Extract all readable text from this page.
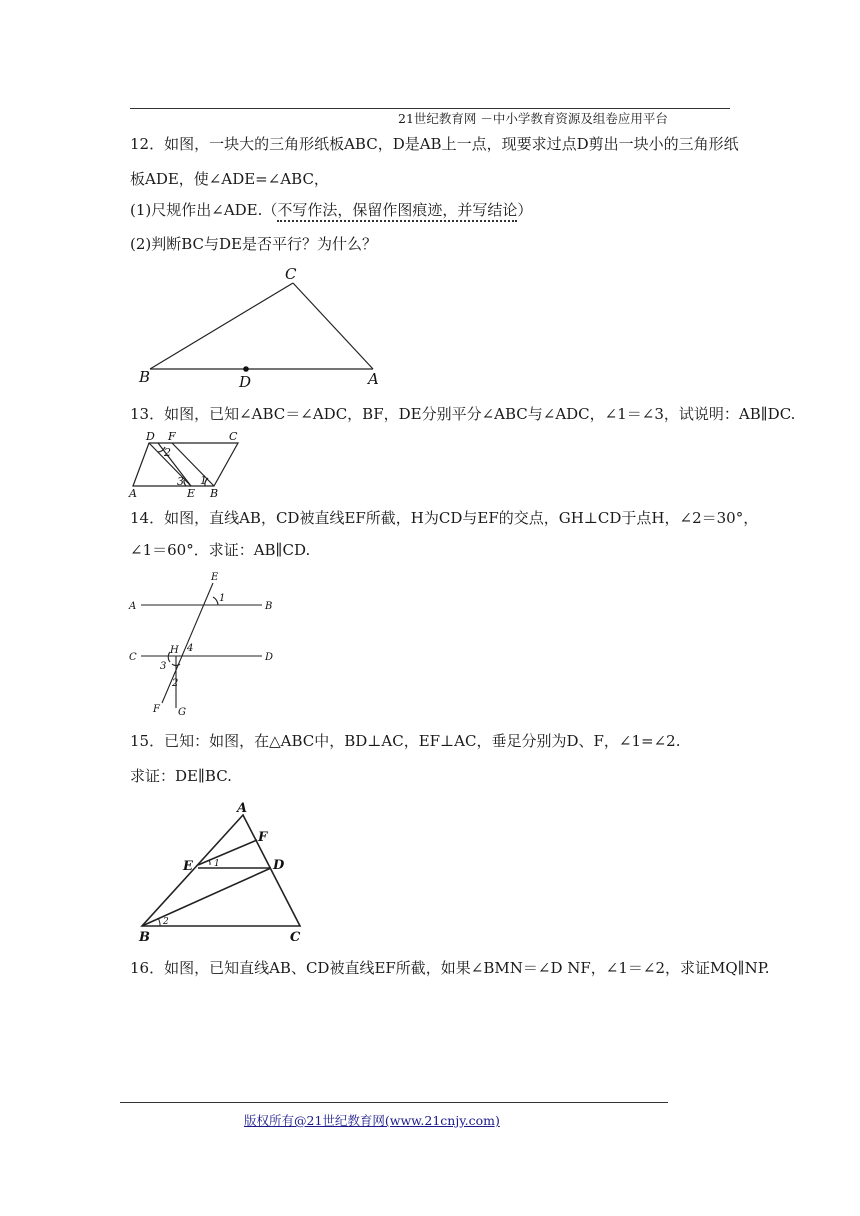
21世纪教育网 －中小学教育资源及组卷应用平台
12．如图，一块大的三角形纸板ABC，D是AB上一点，现要求过点D剪出一块小的三角形纸
板ADE，使∠ADE=∠ABC，
(1)尺规作出∠ADE.（不写作法，保留作图痕迹，并写结论）
(2)判断BC与DE是否平行？为什么？
B	D	A
C
D F	C
A	E B
2
3 1
A	B
C	D
E
F G
H
1
3
2
4
A
F
E	D
B	C
1
2
13．如图，已知∠ABC＝∠ADC，BF，DE分别平分∠ABC与∠ADC，∠1＝∠3，试说明：AB∥DC.
14．如图，直线AB，CD被直线EF所截，H为CD与EF的交点，GH⊥CD于点H，∠2＝30°，
∠1＝60°．求证：AB∥CD.
15．已知：如图，在△ABC中，BD⊥AC，EF⊥AC，垂足分别为D、F，∠1=∠2.
求证：DE∥BC.
16．如图，已知直线AB、CD被直线EF所截，如果∠BMN＝∠D NF，∠1＝∠2，求证MQ∥NP.
版权所有@21世纪教育网(www.21cnjy.com)
